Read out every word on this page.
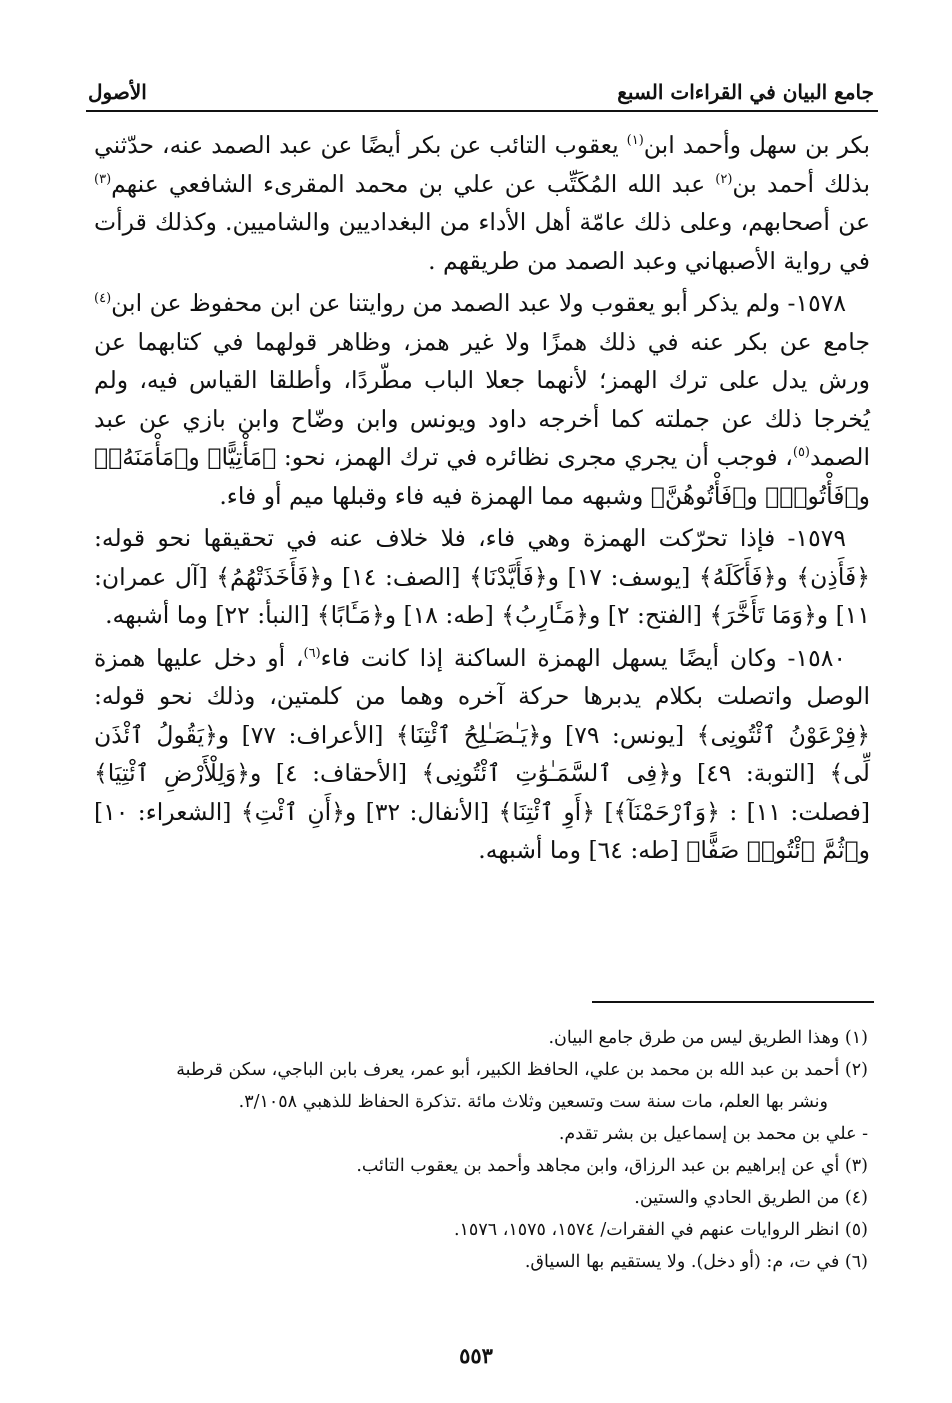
جامع البيان في القراءات السبع
الأصول

بكر بن سهل وأحمد ابن$^{(١)}$ يعقوب التائب عن بكر أيضًا عن عبد الصمد عنه، حدّثني بذلك أحمد بن$^{(٢)}$ عبد الله المُكَتِّب عن علي بن محمد المقرىء الشافعي عنهم$^{(٣)}$ عن أصحابهم، وعلى ذلك عامّة أهل الأداء من البغداديين والشاميين. وكذلك قرأت في رواية الأصبهاني وعبد الصمد من طريقهم .

١٥٧٨- ولم يذكر أبو يعقوب ولا عبد الصمد من روايتنا عن ابن محفوظ عن ابن$^{(٤)}$ جامع عن بكر عنه في ذلك همزًا ولا غير همز، وظاهر قولهما في كتابهما عن ورش يدل على ترك الهمز؛ لأنهما جعلا الباب مطّردًا، وأطلقا القياس فيه، ولم يُخرجا ذلك عن جملته كما أخرجه داود ويونس وابن وضّاح وابن بازي عن عبد الصمد$^{(٥)}$، فوجب أن يجري مجرى نظائره في ترك الهمز، نحو: ﴿مَأْتِيًّا﴾ و﴿مَأْمَنَهُۥ﴾ و﴿فَأْتُوا۟﴾ و﴿فَأْتُوهُنَّ﴾ وشبهه مما الهمزة فيه فاء وقبلها ميم أو فاء.

١٥٧٩- فإذا تحرّكت الهمزة وهي فاء، فلا خلاف عنه في تحقيقها نحو قوله: ﴿فَأَذِن﴾ و﴿فَأَكَلَهُ﴾ [يوسف: ١٧] و﴿فَأَيَّدْنَا﴾ [الصف: ١٤] و﴿فَأَخَذَتْهُمُ﴾ [آل عمران: ١١] و﴿وَمَا تَأَخَّرَ﴾ [الفتح: ٢] و﴿مَـَٔارِبُ﴾ [طه: ١٨] و﴿مَـَٔابًا﴾ [النبأ: ٢٢] وما أشبهه.

١٥٨٠- وكان أيضًا يسهل الهمزة الساكنة إذا كانت فاء$^{(٦)}$، أو دخل عليها همزة الوصل واتصلت بكلام يدبرها حركة آخره وهما من كلمتين، وذلك نحو قوله: ﴿فِرْعَوْنُ ٱئْتُونِى﴾ [يونس: ٧٩] و﴿يَـٰصَـٰلِحُ ٱئْتِنَا﴾ [الأعراف: ٧٧] و﴿يَقُولُ ٱئْذَن لِّى﴾ [التوبة: ٤٩] و﴿فِى ٱلسَّمَـٰوَٰتِ ٱئْتُونِى﴾ [الأحقاف: ٤] و﴿وَلِلْأَرْضِ ٱئْتِيَا﴾ [فصلت: ١١] : ﴿وَٱرْحَمْنَآ﴾] ﴿أَوِ ٱئْتِنَا﴾ [الأنفال: ٣٢] و﴿أَنِ ٱئْتِ﴾ [الشعراء: ١٠] و﴿ثُمَّ ٱئْتُوا۟ صَفًّا﴾ [طه: ٦٤] وما أشبهه.

(١) وهذا الطريق ليس من طرق جامع البيان.

(٢) أحمد بن عبد الله بن محمد بن علي، الحافظ الكبير، أبو عمر، يعرف بابن الباجي، سكن قرطبة

ونشر بها العلم، مات سنة ست وتسعين وثلاث مائة .تذكرة الحفاظ للذهبي ٣/١٠٥٨.

- علي بن محمد بن إسماعيل بن بشر تقدم.

(٣) أي عن إبراهيم بن عبد الرزاق، وابن مجاهد وأحمد بن يعقوب التائب.

(٤) من الطريق الحادي والستين.

(٥) انظر الروايات عنهم في الفقرات/ ١٥٧٤، ١٥٧٥، ١٥٧٦.

(٦) في ت، م: (أو دخل). ولا يستقيم بها السياق.

٥٥٣
